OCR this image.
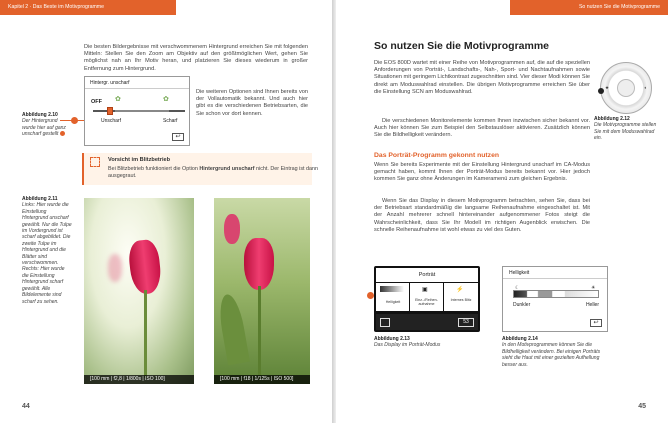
Kapitel 2 · Das Beste im Motivprogramme
Die besten Bildergebnisse mit verschwommenem Hintergrund erreichen Sie mit folgenden Mitteln: Stellen Sie den Zoom am Objektiv auf den größtmöglichen Wert, gehen Sie möglichst nah an Ihr Motiv heran, und platzieren Sie dieses wiederum in großer Entfernung zum Hintergrund.
Hintergr. unscharf
OFF ✿	✿
Unscharf	Scharf
↩
Abbildung 2.10
Der Hintergrund wurde hier auf ganz unscharf gestellt
Die weiteren Optionen sind Ihnen bereits von der Vollautomatik bekannt. Und auch hier gibt es die verschiedenen Betriebsarten, die Sie schon vor dort kennen.
Vorsicht im Blitzbetrieb
Bei Blitzbetrieb funktioniert die Option Hintergrund unscharf nicht. Der Eintrag ist dann ausgegraut.
Abbildung 2.11
Links: Hier wurde die Einstellung Hintergrund unscharf gewählt. Nur die Tulpe im Vordergrund ist scharf abgebildet. Die zweite Tulpe im Hintergrund und die Blätter sind verschwommen. Rechts: Hier wurde die Einstellung Hintergrund scharf gewählt. Alle Bildelemente sind scharf zu sehen.
[100 mm | f2,8 | 1/800s | ISO 100]	[100 mm | f18 | 1/125s | ISO 500]
44
So nutzen Sie die Motivprogramme
So nutzen Sie die Motivprogramme
Die EOS 800D wartet mit einer Reihe von Motivprogrammen auf, die auf die speziellen Anforderungen von Porträt-, Landschafts-, Nah-, Sport- und Nachtaufnahmen sowie Situationen mit geringem Lichtkontrast zugeschnitten sind. Vier dieser Modi können Sie direkt am Moduswahlrad einstellen. Die übrigen Motivprogramme erreichen Sie über die Einstellung SCN am Moduswahlrad.
Die verschiedenen Monitorelemente kommen Ihnen inzwischen sicher bekannt vor. Auch hier können Sie zum Beispiel den Selbstauslöser aktivieren. Zusätzlich können Sie die Bildhelligkeit verändern.
★	◐
Abbildung 2.12
Die Motivprogramme stellen Sie mit dem Moduswahlrad ein.
Das Porträt-Programm gekonnt nutzen
Wenn Sie bereits Experimente mit der Einstellung Hintergrund unscharf im CA-Modus gemacht haben, kommt Ihnen der Porträt-Modus bereits bekannt vor. Hier jedoch kommen Sie ganz ohne Änderungen im Kameramenü zum gleichen Ergebnis.
Wenn Sie das Display in diesem Motivprogramm betrachten, sehen Sie, dass bei der Betriebsart standardmäßig die langsame Reihenaufnahme eingeschaltet ist. Mit der Anzahl mehrerer schnell hintereinander aufgenommener Fotos steigt die Wahrscheinlichkeit, dass Sie Ihr Modell im richtigen Augenblick erwischen. Die schnelle Reihenaufnahme ist wohl etwas zu viel des Guten.
Porträt
▣	⚡
Helligkeit	Einz.-/Reihen-aufnahme
Internes Blitz
53
Helligkeit
☾	☀
Dunkler	Heller
↩
Abbildung 2.13
Das Display im Porträt-Modus
Abbildung 2.14
In den Motivprogrammen können Sie die Bildhelligkeit verändern. Bei einigen Porträts sieht die Haut mit einer gezielten Aufhellung besser aus.
45
